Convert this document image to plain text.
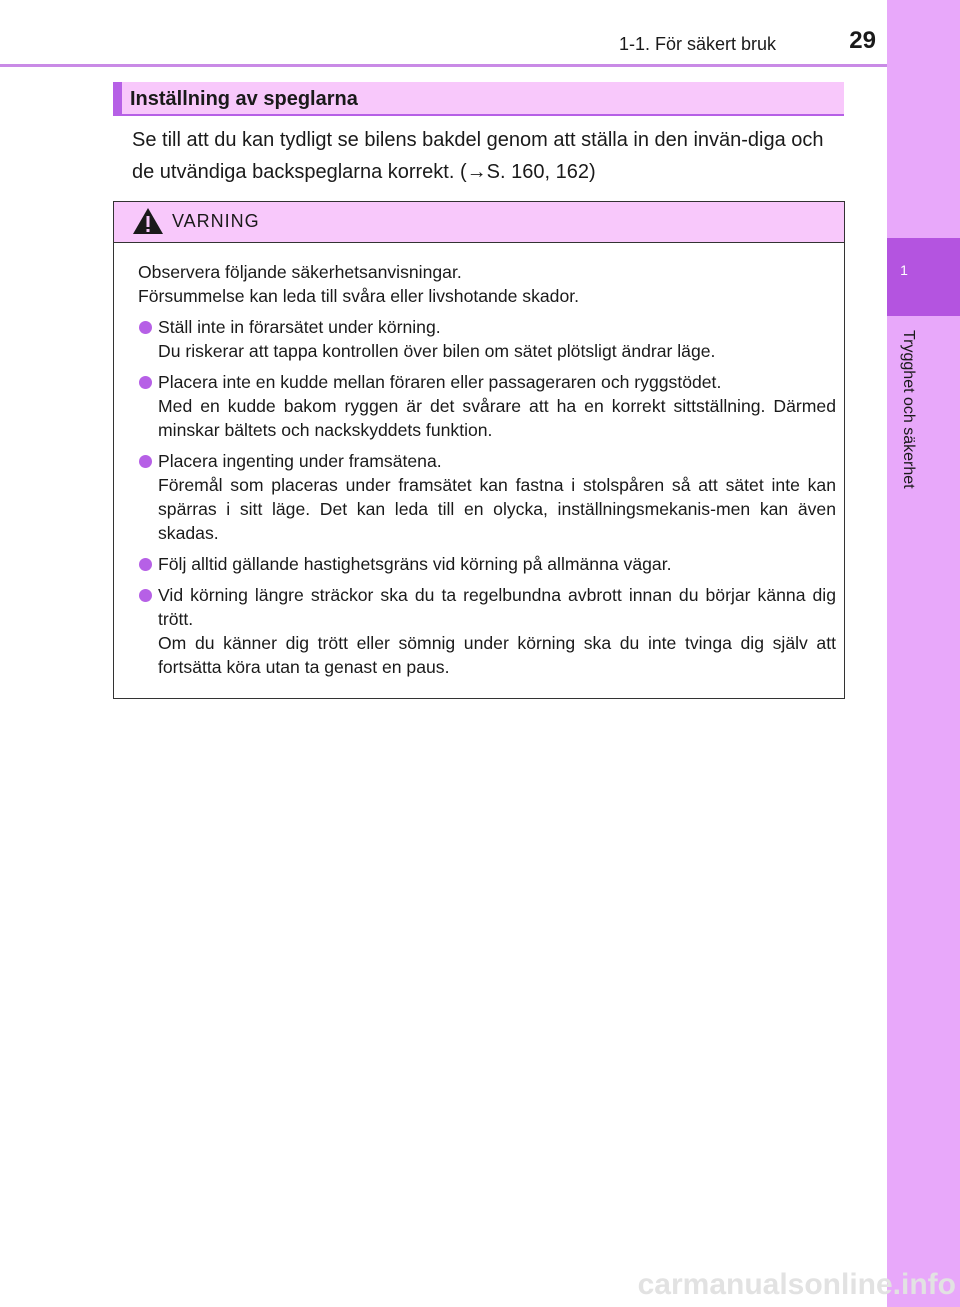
1
Trygghet och säkerhet
1-1. För säkert bruk	29
Inställning av speglarna

Se till att du kan tydligt se bilens bakdel genom att ställa in den invän-diga och de utvändiga backspeglarna korrekt. (→S. 160, 162)

VARNING

Observera följande säkerhetsanvisningar.
Försummelse kan leda till svåra eller livshotande skador.

Ställ inte in förarsätet under körning.
Du riskerar att tappa kontrollen över bilen om sätet plötsligt ändrar läge.
Placera inte en kudde mellan föraren eller passageraren och ryggstödet.
Med en kudde bakom ryggen är det svårare att ha en korrekt sittställning. Därmed minskar bältets och nackskyddets funktion.
Placera ingenting under framsätena.
Föremål som placeras under framsätet kan fastna i stolspåren så att sätet inte kan spärras i sitt läge. Det kan leda till en olycka, inställningsmekanis-men kan även skadas.
Följ alltid gällande hastighetsgräns vid körning på allmänna vägar.
Vid körning längre sträckor ska du ta regelbundna avbrott innan du börjar känna dig trött.
Om du känner dig trött eller sömnig under körning ska du inte tvinga dig själv att fortsätta köra utan ta genast en paus.
carmanualsonline.info
